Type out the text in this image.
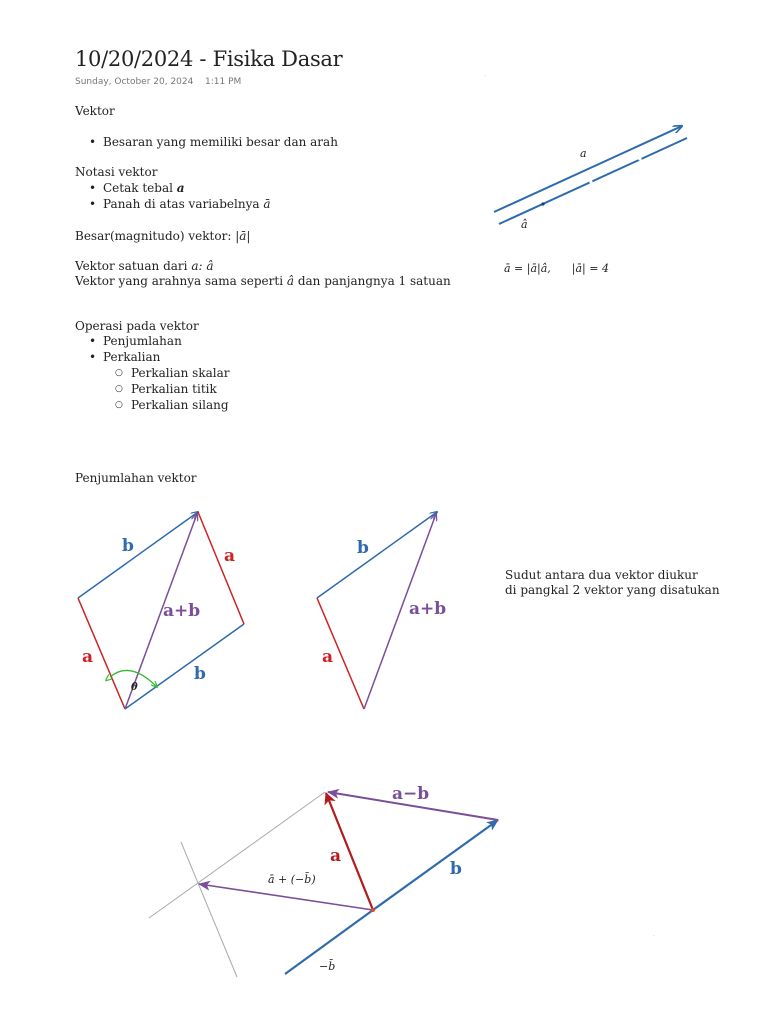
10/20/2024 - Fisika Dasar
Sunday, October 20, 2024 1:11 PM
Vektor
• Besaran yang memiliki besar dan arah
Notasi vektor
• Cetak tebal a
• Panah di atas variabelnya ā
Besar(magnitudo) vektor: |ā|
Vektor satuan dari a: â
Vektor yang arahnya sama seperti â dan panjangnya 1 satuan
Operasi pada vektor
• Penjumlahan
• Perkalian
○ Perkalian skalar
○ Perkalian titik
○ Perkalian silang
Penjumlahan vektor
Sudut antara dua vektor diukur
di pangkal 2 vektor yang disatukan
a
â
ā = |ā|â,      |ā| = 4
.
b	a
a+b
a
b
θ
b
a+b
a
a−b
a
b
ā + (−b̄)
−b̄
.
